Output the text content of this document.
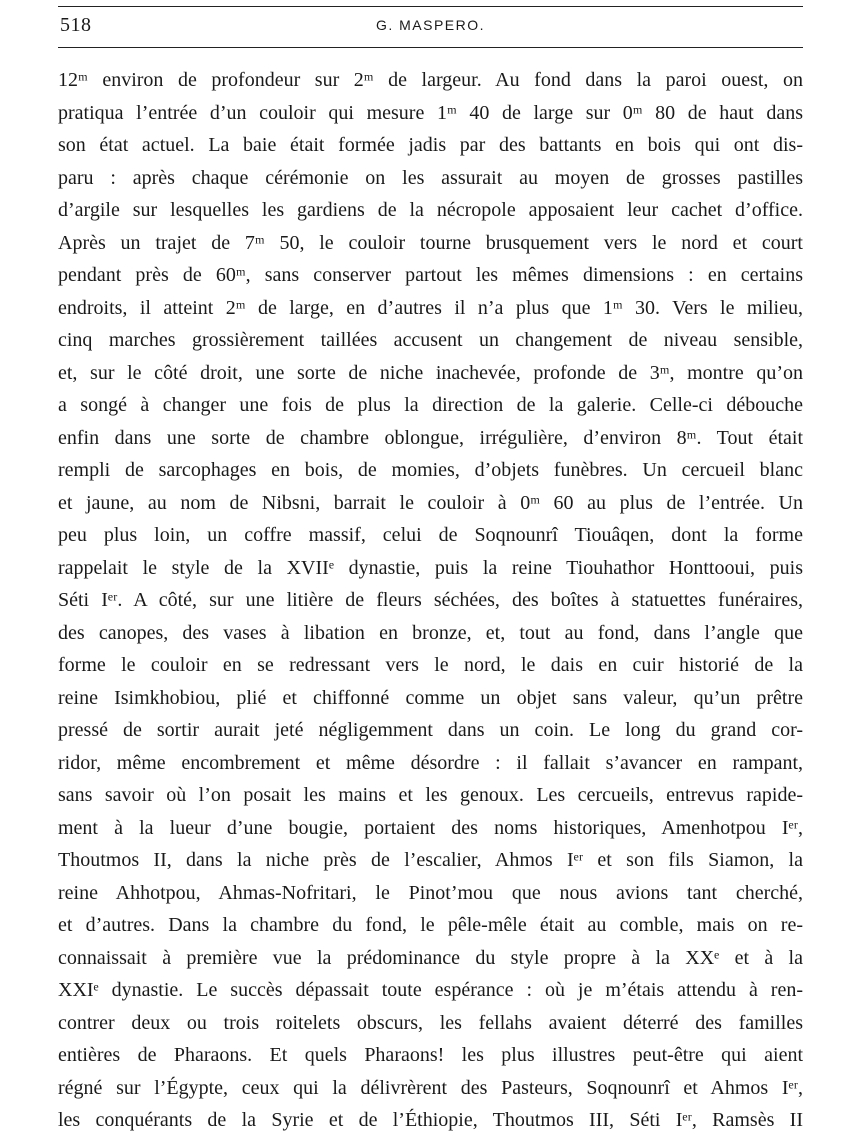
518	G. MASPERO.
12ᵐ environ de profondeur sur 2ᵐ de largeur. Au fond dans la paroi ouest, on
pratiqua l’entrée d’un couloir qui mesure 1ᵐ 40 de large sur 0ᵐ 80 de haut dans
son état actuel. La baie était formée jadis par des battants en bois qui ont dis-
paru : après chaque cérémonie on les assurait au moyen de grosses pastilles
d’argile sur lesquelles les gardiens de la nécropole apposaient leur cachet d’office.
Après un trajet de 7ᵐ 50, le couloir tourne brusquement vers le nord et court
pendant près de 60ᵐ, sans conserver partout les mêmes dimensions : en certains
endroits, il atteint 2ᵐ de large, en d’autres il n’a plus que 1ᵐ 30. Vers le milieu,
cinq marches grossièrement taillées accusent un changement de niveau sensible,
et, sur le côté droit, une sorte de niche inachevée, profonde de 3ᵐ, montre qu’on
a songé à changer une fois de plus la direction de la galerie. Celle-ci débouche
enfin dans une sorte de chambre oblongue, irrégulière, d’environ 8ᵐ. Tout était
rempli de sarcophages en bois, de momies, d’objets funèbres. Un cercueil blanc
et jaune, au nom de Nibsni, barrait le couloir à 0ᵐ 60 au plus de l’entrée. Un
peu plus loin, un coffre massif, celui de Soqnounrî Tiouâqen, dont la forme
rappelait le style de la XVIIᵉ dynastie, puis la reine Tiouhathor Honttooui, puis
Séti Iᵉʳ. A côté, sur une litière de fleurs séchées, des boîtes à statuettes funéraires,
des canopes, des vases à libation en bronze, et, tout au fond, dans l’angle que
forme le couloir en se redressant vers le nord, le dais en cuir historié de la
reine Isimkhobiou, plié et chiffonné comme un objet sans valeur, qu’un prêtre
pressé de sortir aurait jeté négligemment dans un coin. Le long du grand cor-
ridor, même encombrement et même désordre : il fallait s’avancer en rampant,
sans savoir où l’on posait les mains et les genoux. Les cercueils, entrevus rapide-
ment à la lueur d’une bougie, portaient des noms historiques, Amenhotpou Iᵉʳ,
Thoutmos II, dans la niche près de l’escalier, Ahmos Iᵉʳ et son fils Siamon, la
reine Ahhotpou, Ahmas-Nofritari, le Pinot’mou que nous avions tant cherché,
et d’autres. Dans la chambre du fond, le pêle-mêle était au comble, mais on re-
connaissait à première vue la prédominance du style propre à la XXᵉ et à la
XXIᵉ dynastie. Le succès dépassait toute espérance : où je m’étais attendu à ren-
contrer deux ou trois roitelets obscurs, les fellahs avaient déterré des familles
entières de Pharaons. Et quels Pharaons! les plus illustres peut-être qui aient
régné sur l’Égypte, ceux qui la délivrèrent des Pasteurs, Soqnounrî et Ahmos Iᵉʳ,
les conquérants de la Syrie et de l’Éthiopie, Thoutmos III, Séti Iᵉʳ, Ramsès II
